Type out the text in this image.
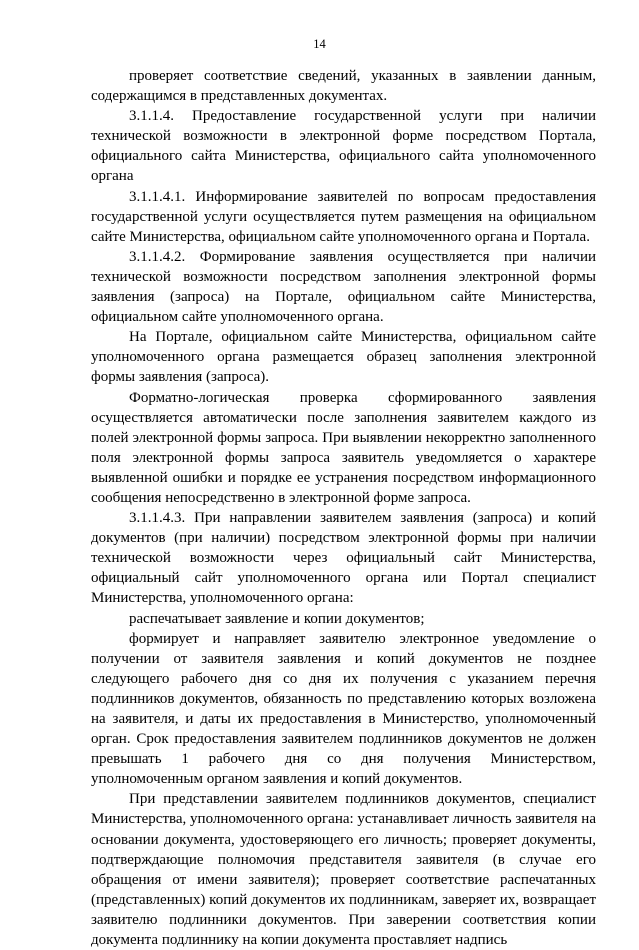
14

проверяет соответствие сведений, указанных в заявлении данным, содержащимся в представленных документах.

3.1.1.4. Предоставление государственной услуги при наличии технической возможности в электронной форме посредством Портала, официального сайта Министерства, официального сайта уполномоченного органа

3.1.1.4.1. Информирование заявителей по вопросам предоставления государственной услуги осуществляется путем размещения на официальном сайте Министерства, официальном сайте уполномоченного органа и Портала.

3.1.1.4.2. Формирование заявления осуществляется при наличии технической возможности посредством заполнения электронной формы заявления (запроса) на Портале, официальном сайте Министерства, официальном сайте уполномоченного органа.

На Портале, официальном сайте Министерства, официальном сайте уполномоченного органа размещается образец заполнения электронной формы заявления (запроса).

Форматно-логическая проверка сформированного заявления осуществляется автоматически после заполнения заявителем каждого из полей электронной формы запроса. При выявлении некорректно заполненного поля электронной формы запроса заявитель уведомляется о характере выявленной ошибки и порядке ее устранения посредством информационного сообщения непосредственно в электронной форме запроса.

3.1.1.4.3. При направлении заявителем заявления (запроса) и копий документов (при наличии) посредством электронной формы при наличии технической возможности через официальный сайт Министерства, официальный сайт уполномоченного органа или Портал специалист Министерства, уполномоченного органа:

распечатывает заявление и копии документов;

формирует и направляет заявителю электронное уведомление о получении от заявителя заявления и копий документов не позднее следующего рабочего дня со дня их получения с указанием перечня подлинников документов, обязанность по представлению которых возложена на заявителя, и даты их предоставления в Министерство, уполномоченный орган. Срок предоставления заявителем подлинников документов не должен превышать 1 рабочего дня со дня получения Министерством, уполномоченным органом заявления и копий документов.

При представлении заявителем подлинников документов, специалист Министерства, уполномоченного органа: устанавливает личность заявителя на основании документа, удостоверяющего его личность; проверяет документы, подтверждающие полномочия представителя заявителя (в случае его обращения от имени заявителя); проверяет соответствие распечатанных (представленных) копий документов их подлинникам, заверяет их, возвращает заявителю подлинники документов. При заверении соответствия копии документа подлиннику на копии документа проставляет надпись
